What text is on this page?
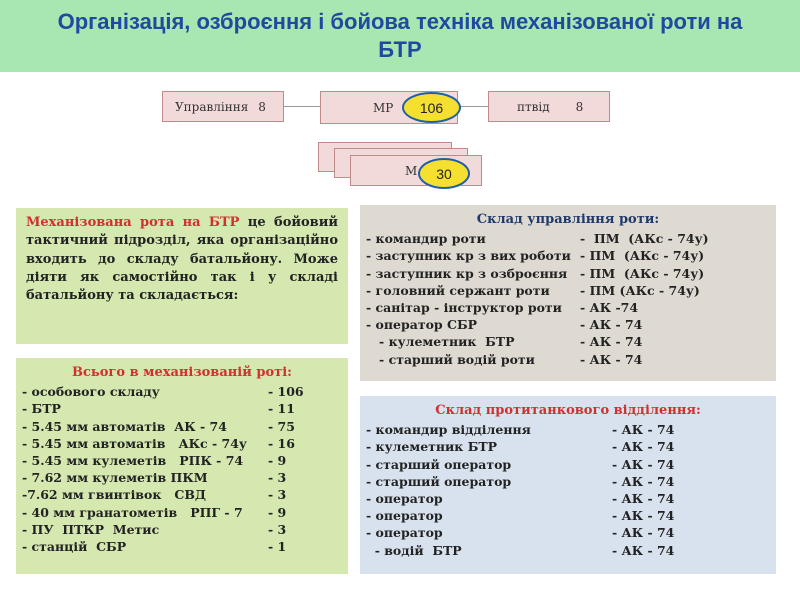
Організація, озброєння і бойова техніка механізованої роти на
БТР
Управління 8	МР 106	птвід 8
М 30
Механізована рота на БТР це бойовий тактичний підрозділ, яка організаційно входить до складу батальйону. Може діяти як самостійно так і у складі батальйону та складається:
Всього в механізованій роті:
- особового складу	- 106
- БТР	- 11
- 5.45 мм автоматів  АК - 74	- 75
- 5.45 мм автоматів   АКс - 74у	- 16
- 5.45 мм кулеметів   РПК - 74	- 9
- 7.62 мм кулеметів ПКМ	- 3
-7.62 мм гвинтівок   СВД	- 3
- 40 мм гранатометів   РПГ - 7	- 9
- ПУ  ПТКР  Метис	- 3
- станцій  СБР	- 1
Склад управління роти:
- командир роти	-  ПМ  (АКс - 74у)
- заступник кр з вих роботи - ПМ  (АКс - 74у)
- заступник кр з озброєння	- ПМ  (АКс - 74у)
- головний сержант роти	- ПМ (АКс - 74у)
- санітар - інструктор роти	- АК -74
- оператор СБР	- АК - 74
- кулеметник  БТР	- АК - 74
- старший водій роти	- АК - 74
Склад протитанкового відділення:
- командир відділення	- АК - 74
- кулеметник БТР	- АК - 74
- старший оператор	- АК - 74
- старший оператор	- АК - 74
- оператор	- АК - 74
- оператор	- АК - 74
- оператор	- АК - 74
- водій  БТР	- АК - 74
